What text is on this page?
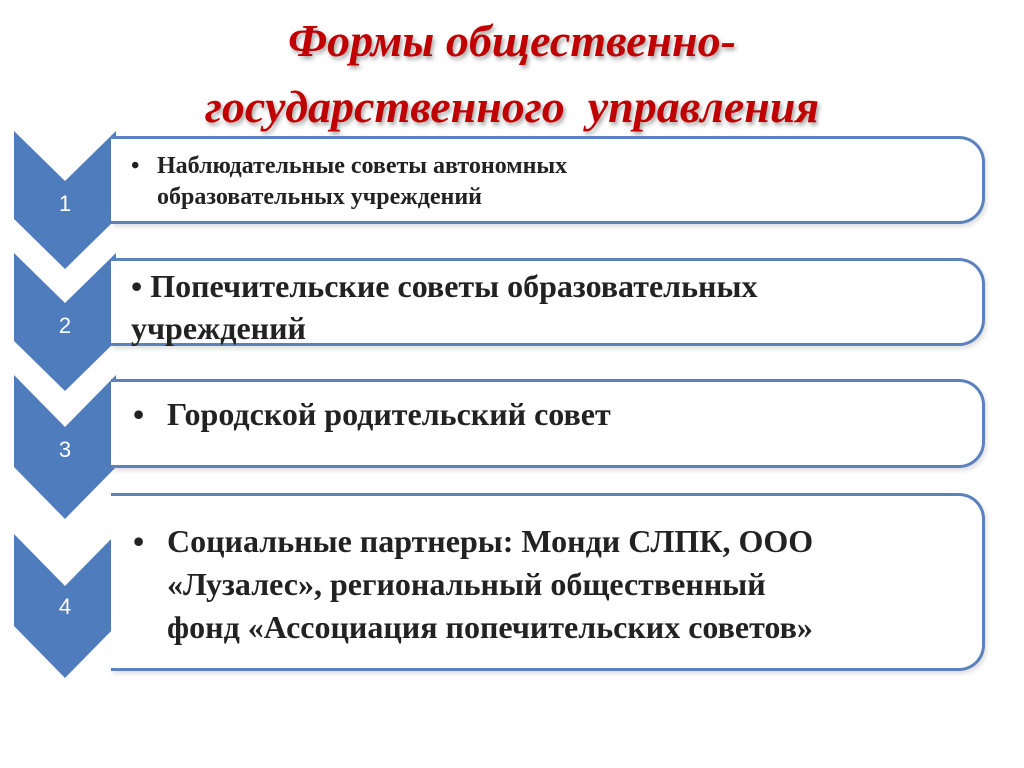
Формы общественно-
государственного  управления
1
• Наблюдательные советы автономных
образовательных учреждений
2
• Попечительские советы образовательных
учреждений
3
• Городской родительский совет
4
• Социальные партнеры: Монди СЛПК, ООО
«Лузалес», региональный общественный
фонд «Ассоциация попечительских советов»
